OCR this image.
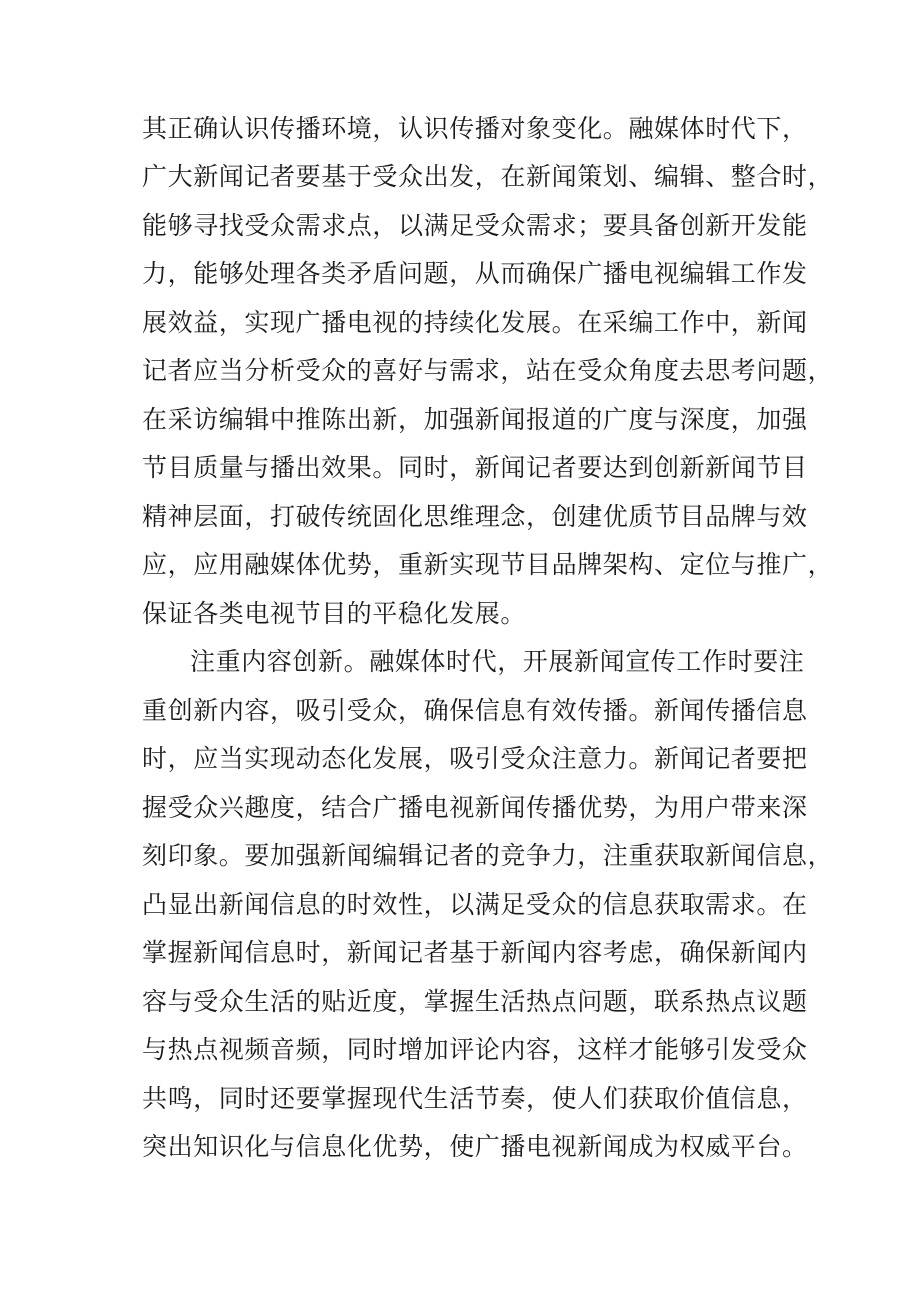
其正确认识传播环境，认识传播对象变化。融媒体时代下，
广大新闻记者要基于受众出发，在新闻策划、编辑、整合时，
能够寻找受众需求点，以满足受众需求；要具备创新开发能
力，能够处理各类矛盾问题，从而确保广播电视编辑工作发
展效益，实现广播电视的持续化发展。在采编工作中，新闻
记者应当分析受众的喜好与需求，站在受众角度去思考问题，
在采访编辑中推陈出新，加强新闻报道的广度与深度，加强
节目质量与播出效果。同时，新闻记者要达到创新新闻节目
精神层面，打破传统固化思维理念，创建优质节目品牌与效
应，应用融媒体优势，重新实现节目品牌架构、定位与推广，
保证各类电视节目的平稳化发展。
注重内容创新。融媒体时代，开展新闻宣传工作时要注
重创新内容，吸引受众，确保信息有效传播。新闻传播信息
时，应当实现动态化发展，吸引受众注意力。新闻记者要把
握受众兴趣度，结合广播电视新闻传播优势，为用户带来深
刻印象。要加强新闻编辑记者的竞争力，注重获取新闻信息，
凸显出新闻信息的时效性，以满足受众的信息获取需求。在
掌握新闻信息时，新闻记者基于新闻内容考虑，确保新闻内
容与受众生活的贴近度，掌握生活热点问题，联系热点议题
与热点视频音频，同时增加评论内容，这样才能够引发受众
共鸣，同时还要掌握现代生活节奏，使人们获取价值信息，
突出知识化与信息化优势，使广播电视新闻成为权威平台。
